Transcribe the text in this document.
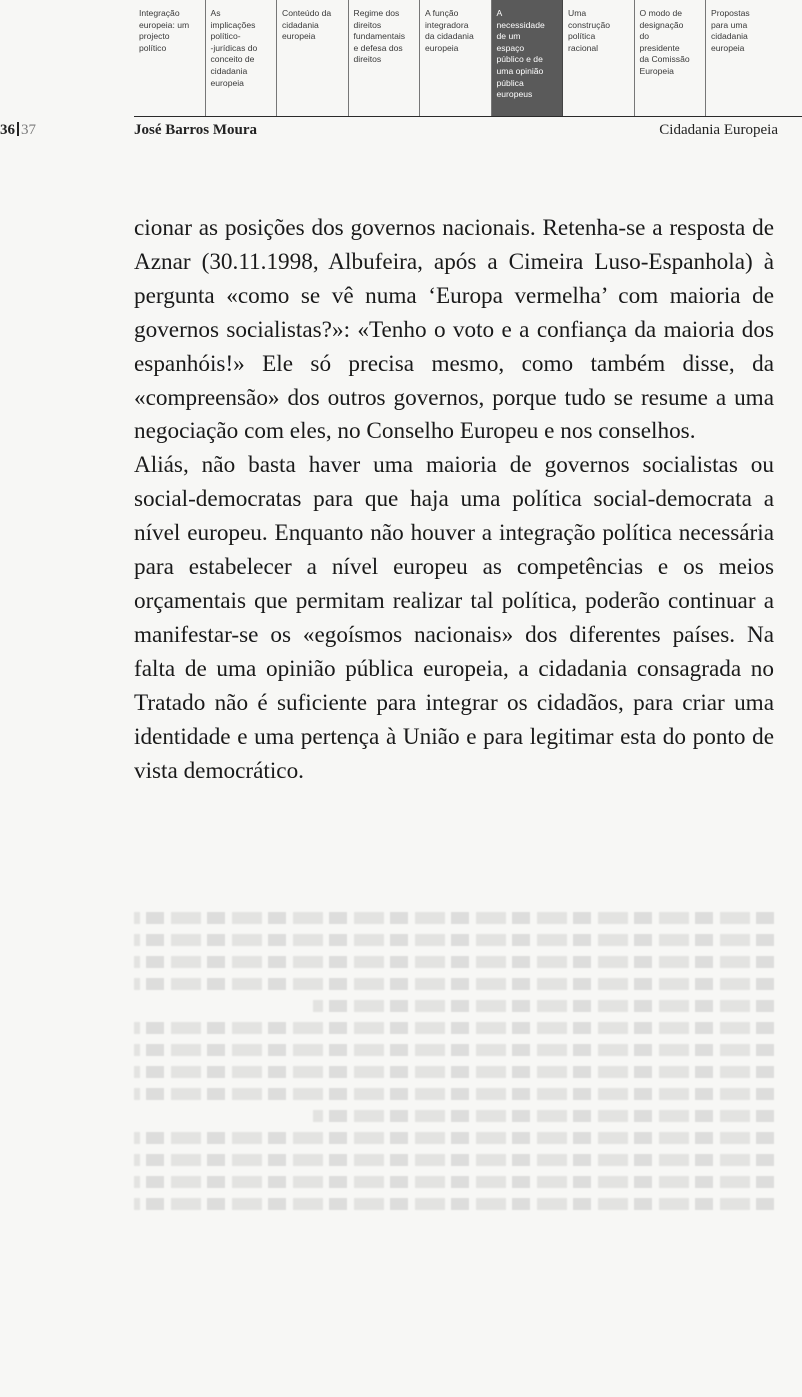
Integração
europeia: um
projecto
político
As
implicações
político-
-jurídicas do
conceito de
cidadania
europeia
Conteúdo da
cidadania
europeia
Regime dos
direitos
fundamentais
e defesa dos
direitos
A função
integradora
da cidadania
europeia
A
necessidade
de um
espaço
público e de
uma opinião
pública
europeus
Uma
construção
política
racional
O modo de
designação
do
presidente
da Comissão
Europeia
Propostas
para uma
cidadania
europeia
36 37	José Barros Moura	Cidadania Europeia

cionar as posições dos governos nacionais. Retenha-se a resposta de Aznar (30.11.1998, Albufeira, após a Cimeira Luso-Espanhola) à pergunta «como se vê numa ‘Europa vermelha’ com maioria de governos socialistas?»: «Tenho o voto e a confiança da maioria dos espanhóis!» Ele só precisa mesmo, como também disse, da «compreensão» dos outros governos, porque tudo se resume a uma negociação com eles, no Conselho Europeu e nos conselhos.

Aliás, não basta haver uma maioria de governos socialistas ou social-democratas para que haja uma política social-democrata a nível europeu. Enquanto não houver a integração política necessária para estabelecer a nível europeu as competências e os meios orçamentais que permitam realizar tal política, poderão continuar a manifestar-se os «egoísmos nacionais» dos diferentes países. Na falta de uma opinião pública europeia, a cidadania consagrada no Tratado não é suficiente para integrar os cidadãos, para criar uma identidade e uma pertença à União e para legitimar esta do ponto de vista democrático.
